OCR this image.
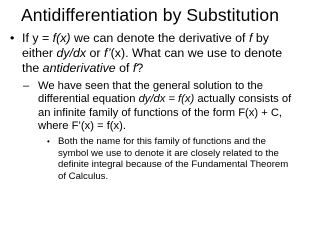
Antidifferentiation by Substitution
• If y = f(x) we can denote the derivative of f by either dy/dx or f’(x). What can we use to denote the antiderivative of f?
– We have seen that the general solution to the differential equation dy/dx = f(x) actually consists of an infinite family of functions of the form F(x) + C, where F’(x) = f(x).
• Both the name for this family of functions and the symbol we use to denote it are closely related to the definite integral because of the Fundamental Theorem of Calculus.
